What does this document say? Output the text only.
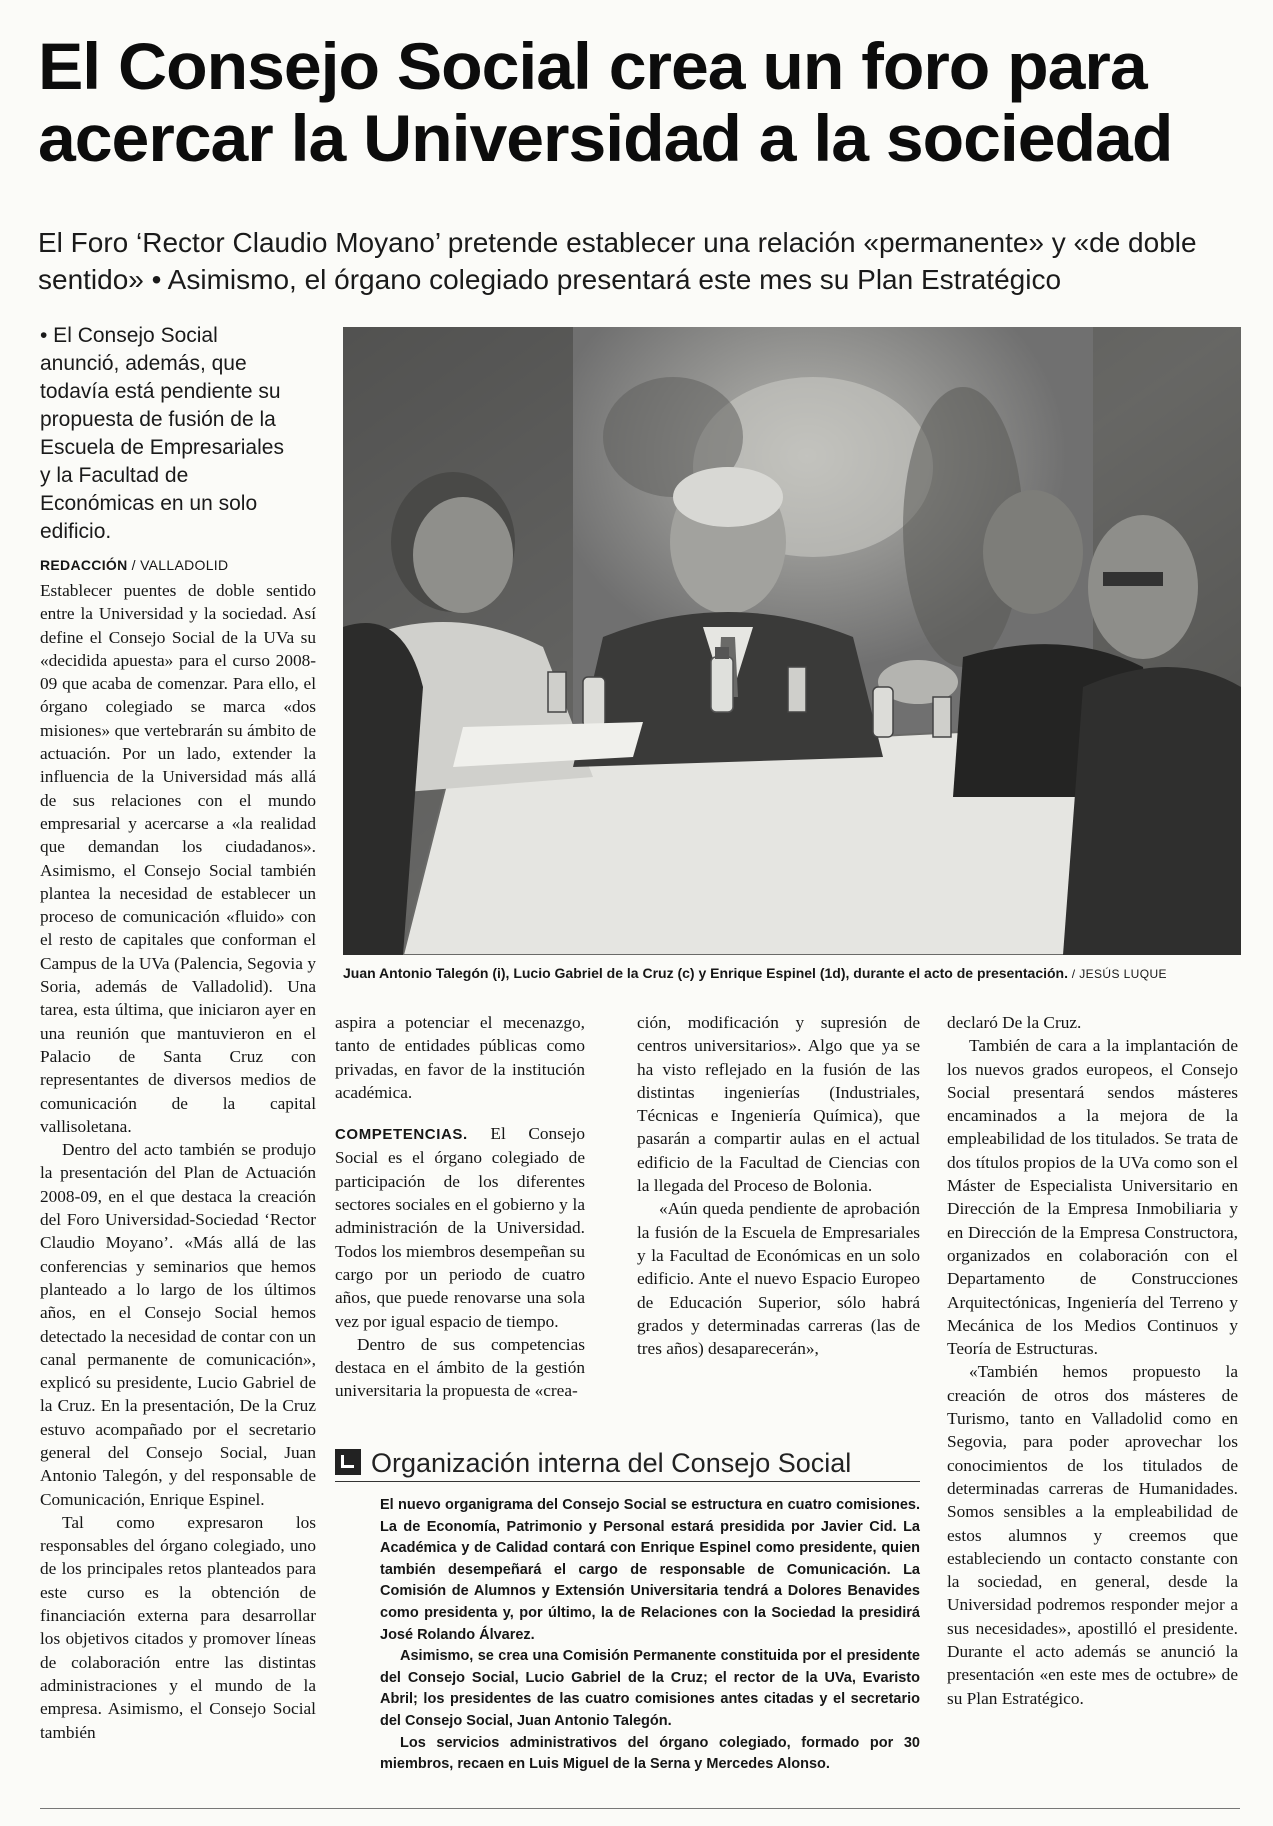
El Consejo Social crea un foro para acercar la Universidad a la sociedad
El Foro ‘Rector Claudio Moyano’ pretende establecer una relación «permanente» y «de doble sentido» • Asimismo, el órgano colegiado presentará este mes su Plan Estratégico
• El Consejo Social anunció, además, que todavía está pendiente su propuesta de fusión de la Escuela de Empresariales y la Facultad de Económicas en un solo edificio.
REDACCIÓN / VALLADOLID

Establecer puentes de doble sentido entre la Universidad y la sociedad. Así define el Consejo Social de la UVa su «decidida apuesta» para el curso 2008-09 que acaba de comenzar. Para ello, el órgano colegiado se marca «dos misiones» que vertebrarán su ámbito de actuación. Por un lado, extender la influencia de la Universidad más allá de sus relaciones con el mundo empresarial y acercarse a «la realidad que demandan los ciudadanos». Asimismo, el Consejo Social también plantea la necesidad de establecer un proceso de comunicación «fluido» con el resto de capitales que conforman el Campus de la UVa (Palencia, Segovia y Soria, además de Valladolid). Una tarea, esta última, que iniciaron ayer en una reunión que mantuvieron en el Palacio de Santa Cruz con representantes de diversos medios de comunicación de la capital vallisoletana.

Dentro del acto también se produjo la presentación del Plan de Actuación 2008-09, en el que destaca la creación del Foro Universidad-Sociedad ‘Rector Claudio Moyano’. «Más allá de las conferencias y seminarios que hemos planteado a lo largo de los últimos años, en el Consejo Social hemos detectado la necesidad de contar con un canal permanente de comunicación», explicó su presidente, Lucio Gabriel de la Cruz. En la presentación, De la Cruz estuvo acompañado por el secretario general del Consejo Social, Juan Antonio Talegón, y del responsable de Comunicación, Enrique Espinel.

Tal como expresaron los responsables del órgano colegiado, uno de los principales retos planteados para este curso es la obtención de financiación externa para desarrollar los objetivos citados y promover líneas de colaboración entre las distintas administraciones y el mundo de la empresa. Asimismo, el Consejo Social también

Juan Antonio Talegón (i), Lucio Gabriel de la Cruz (c) y Enrique Espinel (1d), durante el acto de presentación. / JESÚS LUQUE

aspira a potenciar el mecenazgo, tanto de entidades públicas como privadas, en favor de la institución académica.

COMPETENCIAS. El Consejo Social es el órgano colegiado de participación de los diferentes sectores sociales en el gobierno y la administración de la Universidad. Todos los miembros desempeñan su cargo por un periodo de cuatro años, que puede renovarse una sola vez por igual espacio de tiempo.

Dentro de sus competencias destaca en el ámbito de la gestión universitaria la propuesta de «crea-

ción, modificación y supresión de centros universitarios». Algo que ya se ha visto reflejado en la fusión de las distintas ingenierías (Industriales, Técnicas e Ingeniería Química), que pasarán a compartir aulas en el actual edificio de la Facultad de Ciencias con la llegada del Proceso de Bolonia.

«Aún queda pendiente de aprobación la fusión de la Escuela de Empresariales y la Facultad de Económicas en un solo edificio. Ante el nuevo Espacio Europeo de Educación Superior, sólo habrá grados y determinadas carreras (las de tres años) desaparecerán»,

declaró De la Cruz.

También de cara a la implantación de los nuevos grados europeos, el Consejo Social presentará sendos másteres encaminados a la mejora de la empleabilidad de los titulados. Se trata de dos títulos propios de la UVa como son el Máster de Especialista Universitario en Dirección de la Empresa Inmobiliaria y en Dirección de la Empresa Constructora, organizados en colaboración con el Departamento de Construcciones Arquitectónicas, Ingeniería del Terreno y Mecánica de los Medios Continuos y Teoría de Estructuras.

«También hemos propuesto la creación de otros dos másteres de Turismo, tanto en Valladolid como en Segovia, para poder aprovechar los conocimientos de los titulados de determinadas carreras de Humanidades. Somos sensibles a la empleabilidad de estos alumnos y creemos que estableciendo un contacto constante con la sociedad, en general, desde la Universidad podremos responder mejor a sus necesidades», apostilló el presidente. Durante el acto además se anunció la presentación «en este mes de octubre» de su Plan Estratégico.

Organización interna del Consejo Social

El nuevo organigrama del Consejo Social se estructura en cuatro comisiones. La de Economía, Patrimonio y Personal estará presidida por Javier Cid. La Académica y de Calidad contará con Enrique Espinel como presidente, quien también desempeñará el cargo de responsable de Comunicación. La Comisión de Alumnos y Extensión Universitaria tendrá a Dolores Benavides como presidenta y, por último, la de Relaciones con la Sociedad la presidirá José Rolando Álvarez.

Asimismo, se crea una Comisión Permanente constituida por el presidente del Consejo Social, Lucio Gabriel de la Cruz; el rector de la UVa, Evaristo Abril; los presidentes de las cuatro comisiones antes citadas y el secretario del Consejo Social, Juan Antonio Talegón.

Los servicios administrativos del órgano colegiado, formado por 30 miembros, recaen en Luis Miguel de la Serna y Mercedes Alonso.
